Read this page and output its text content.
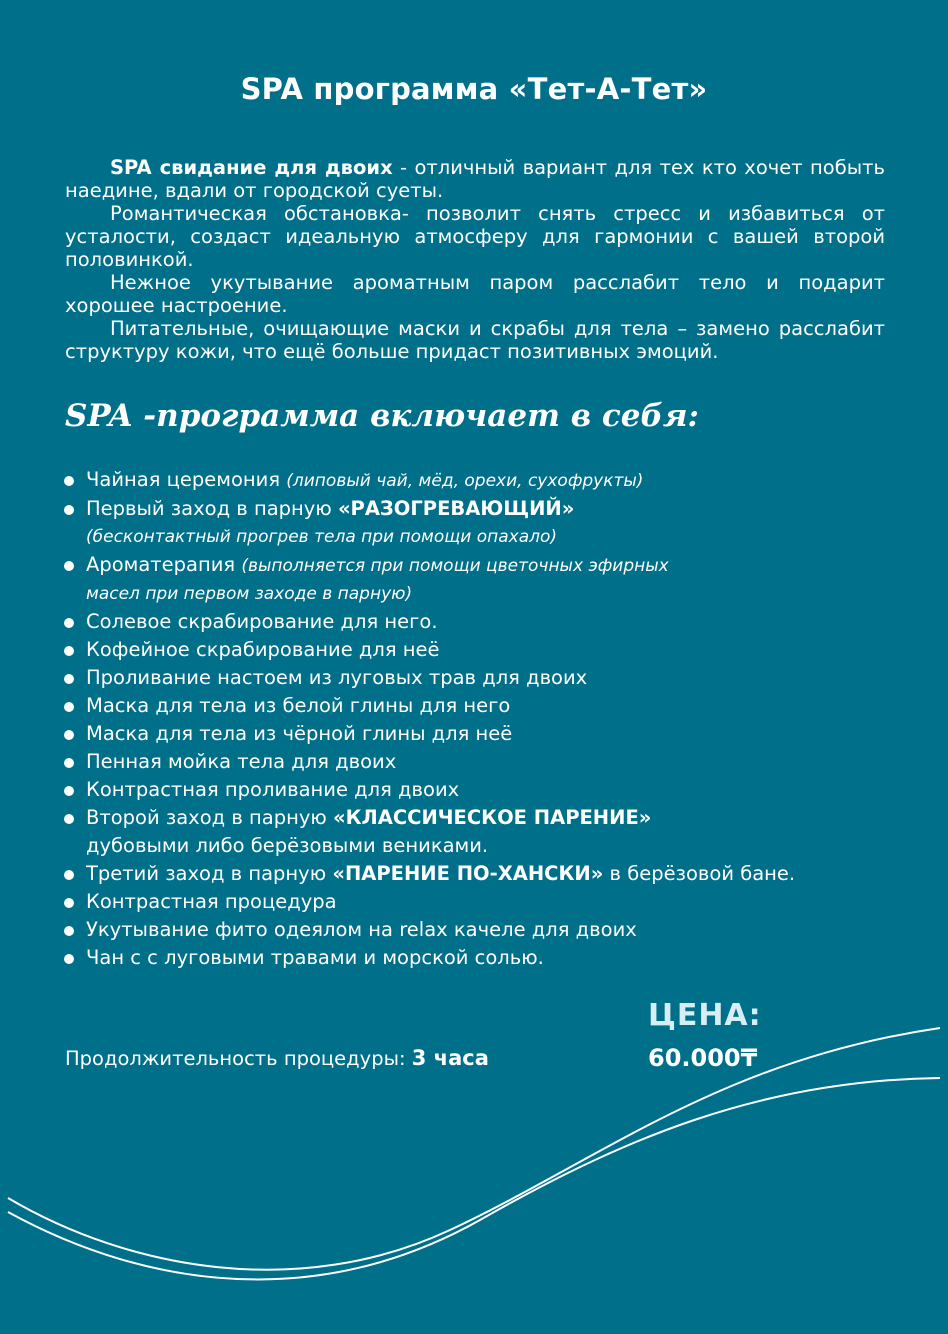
SPA программа «Тет-А-Тет»

SPA свидание для двоих - отличный вариант для тех кто хочет побыть наедине, вдали от городской суеты.

Романтическая обстановка- позволит снять стресс и избавиться от усталости, создаст идеальную атмосферу для гармонии с вашей второй половинкой.

Нежное укутывание ароматным паром расслабит тело и подарит хорошее настроение.

Питательные, очищающие маски и скрабы для тела – замено расслабит структуру кожи, что ещё больше придаст позитивных эмоций.

SPA -программа включает в себя:
Чайная церемония (липовый чай, мёд, орехи, сухофрукты)
Первый заход в парную «РАЗОГРЕВАЮЩИЙ»
(бесконтактный прогрев тела при помощи опахало)
Ароматерапия (выполняется при помощи цветочных эфирных
масел при первом заходе в парную)
Солевое скрабирование для него.
Кофейное скрабирование для неё
Проливание настоем из луговых трав для двоих
Маска для тела из белой глины для него
Маска для тела из чёрной глины для неё
Пенная мойка тела для двоих
Контрастная проливание для двоих
Второй заход в парную «КЛАССИЧЕСКОЕ ПАРЕНИЕ»
дубовыми либо берёзовыми вениками.
Третий заход в парную «ПАРЕНИЕ ПО-ХАНСКИ» в берёзовой бане.
Контрастная процедура
Укутывание фито одеялом на relax качеле для двоих
Чан с с луговыми травами и морской солью.
Продолжительность процедуры: 3 часа
ЦЕНА:
60.000₸
